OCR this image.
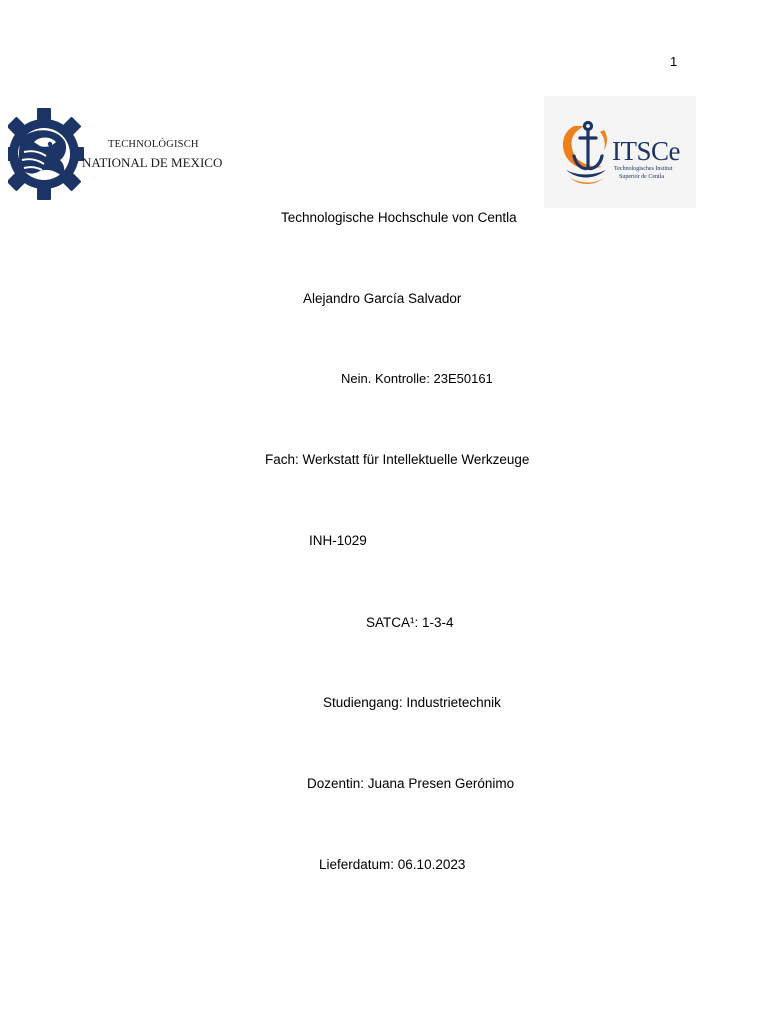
1
TECHNOLÓGISCH
NATIONAL DE MEXICO	ITSCe
Technologisches Institut
Superior de Centla
Technologische Hochschule von Centla
Alejandro García Salvador
Nein. Kontrolle: 23E50161
Fach: Werkstatt für Intellektuelle Werkzeuge
INH-1029
SATCA¹: 1-3-4
Studiengang: Industrietechnik
Dozentin: Juana Presen Gerónimo
Lieferdatum: 06.10.2023
